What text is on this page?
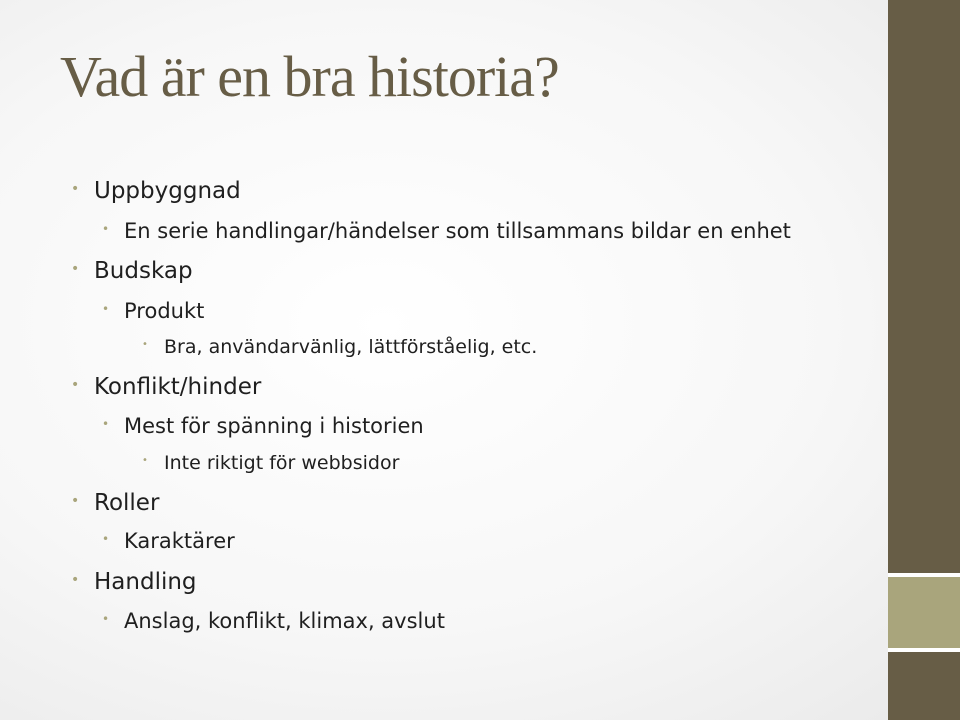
Vad är en bra historia?
• Uppbyggnad
• En serie handlingar/händelser som tillsammans bildar en enhet
• Budskap
• Produkt
• Bra, användarvänlig, lättförståelig, etc.
• Konflikt/hinder
• Mest för spänning i historien
• Inte riktigt för webbsidor
• Roller
• Karaktärer
• Handling
• Anslag, konflikt, klimax, avslut
